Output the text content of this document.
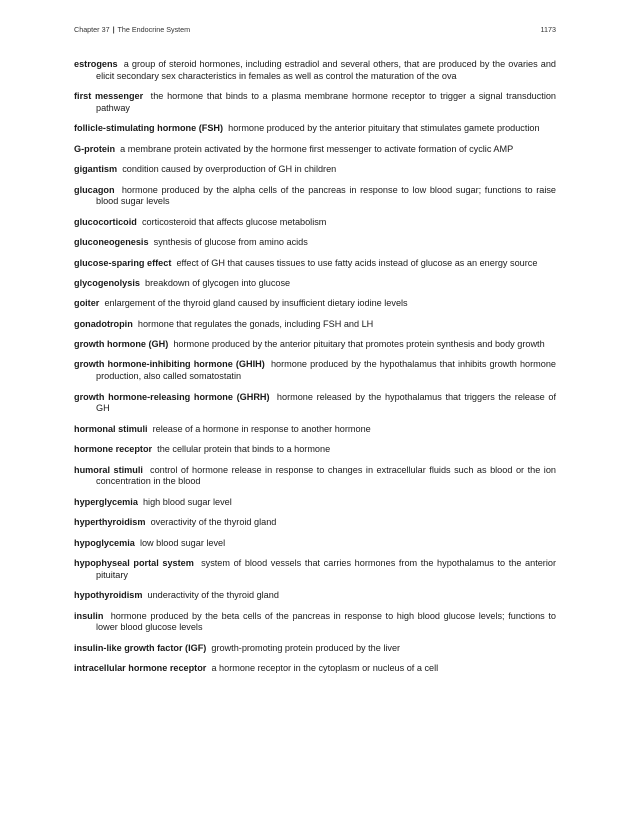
Chapter 37 | The Endocrine System	1173

estrogens a group of steroid hormones, including estradiol and several others, that are produced by the ovaries and elicit secondary sex characteristics in females as well as control the maturation of the ova

first messenger the hormone that binds to a plasma membrane hormone receptor to trigger a signal transduction pathway

follicle-stimulating hormone (FSH) hormone produced by the anterior pituitary that stimulates gamete production

G-protein a membrane protein activated by the hormone first messenger to activate formation of cyclic AMP

gigantism condition caused by overproduction of GH in children

glucagon hormone produced by the alpha cells of the pancreas in response to low blood sugar; functions to raise blood sugar levels

glucocorticoid corticosteroid that affects glucose metabolism

gluconeogenesis synthesis of glucose from amino acids

glucose-sparing effect effect of GH that causes tissues to use fatty acids instead of glucose as an energy source

glycogenolysis breakdown of glycogen into glucose

goiter enlargement of the thyroid gland caused by insufficient dietary iodine levels

gonadotropin hormone that regulates the gonads, including FSH and LH

growth hormone (GH) hormone produced by the anterior pituitary that promotes protein synthesis and body growth

growth hormone-inhibiting hormone (GHIH) hormone produced by the hypothalamus that inhibits growth hormone production, also called somatostatin

growth hormone-releasing hormone (GHRH) hormone released by the hypothalamus that triggers the release of GH

hormonal stimuli release of a hormone in response to another hormone

hormone receptor the cellular protein that binds to a hormone

humoral stimuli control of hormone release in response to changes in extracellular fluids such as blood or the ion concentration in the blood

hyperglycemia high blood sugar level

hyperthyroidism overactivity of the thyroid gland

hypoglycemia low blood sugar level

hypophyseal portal system system of blood vessels that carries hormones from the hypothalamus to the anterior pituitary

hypothyroidism underactivity of the thyroid gland

insulin hormone produced by the beta cells of the pancreas in response to high blood glucose levels; functions to lower blood glucose levels

insulin-like growth factor (IGF) growth-promoting protein produced by the liver

intracellular hormone receptor a hormone receptor in the cytoplasm or nucleus of a cell
